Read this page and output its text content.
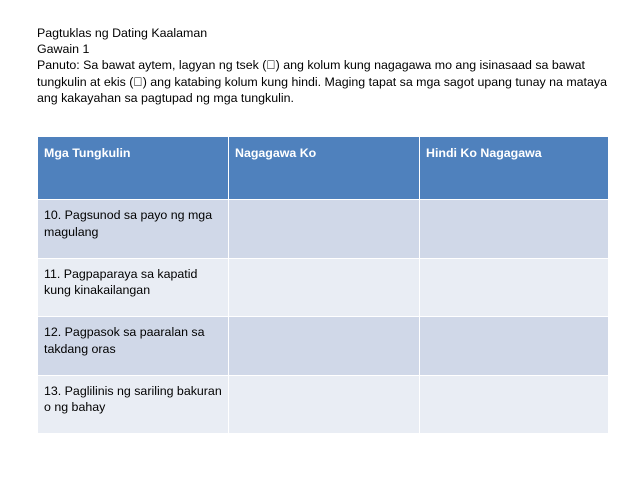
Pagtuklas ng Dating Kaalaman

Gawain 1

Panuto: Sa bawat aytem, lagyan ng tsek ( ) ang kolum kung nagagawa mo ang isinasaad sa bawat tungkulin at ekis ( ) ang katabing kolum kung hindi. Maging tapat sa mga sagot upang tunay na mataya ang kakayahan sa pagtupad ng mga tungkulin.

Mga Tungkulin	Nagagawa Ko	Hindi Ko Nagagawa
10. Pagsunod sa payo ng mga magulang		
11. Pagpaparaya sa kapatid kung kinakailangan		
12. Pagpasok sa paaralan sa takdang oras		
13. Paglilinis ng sariling bakuran o ng bahay		
